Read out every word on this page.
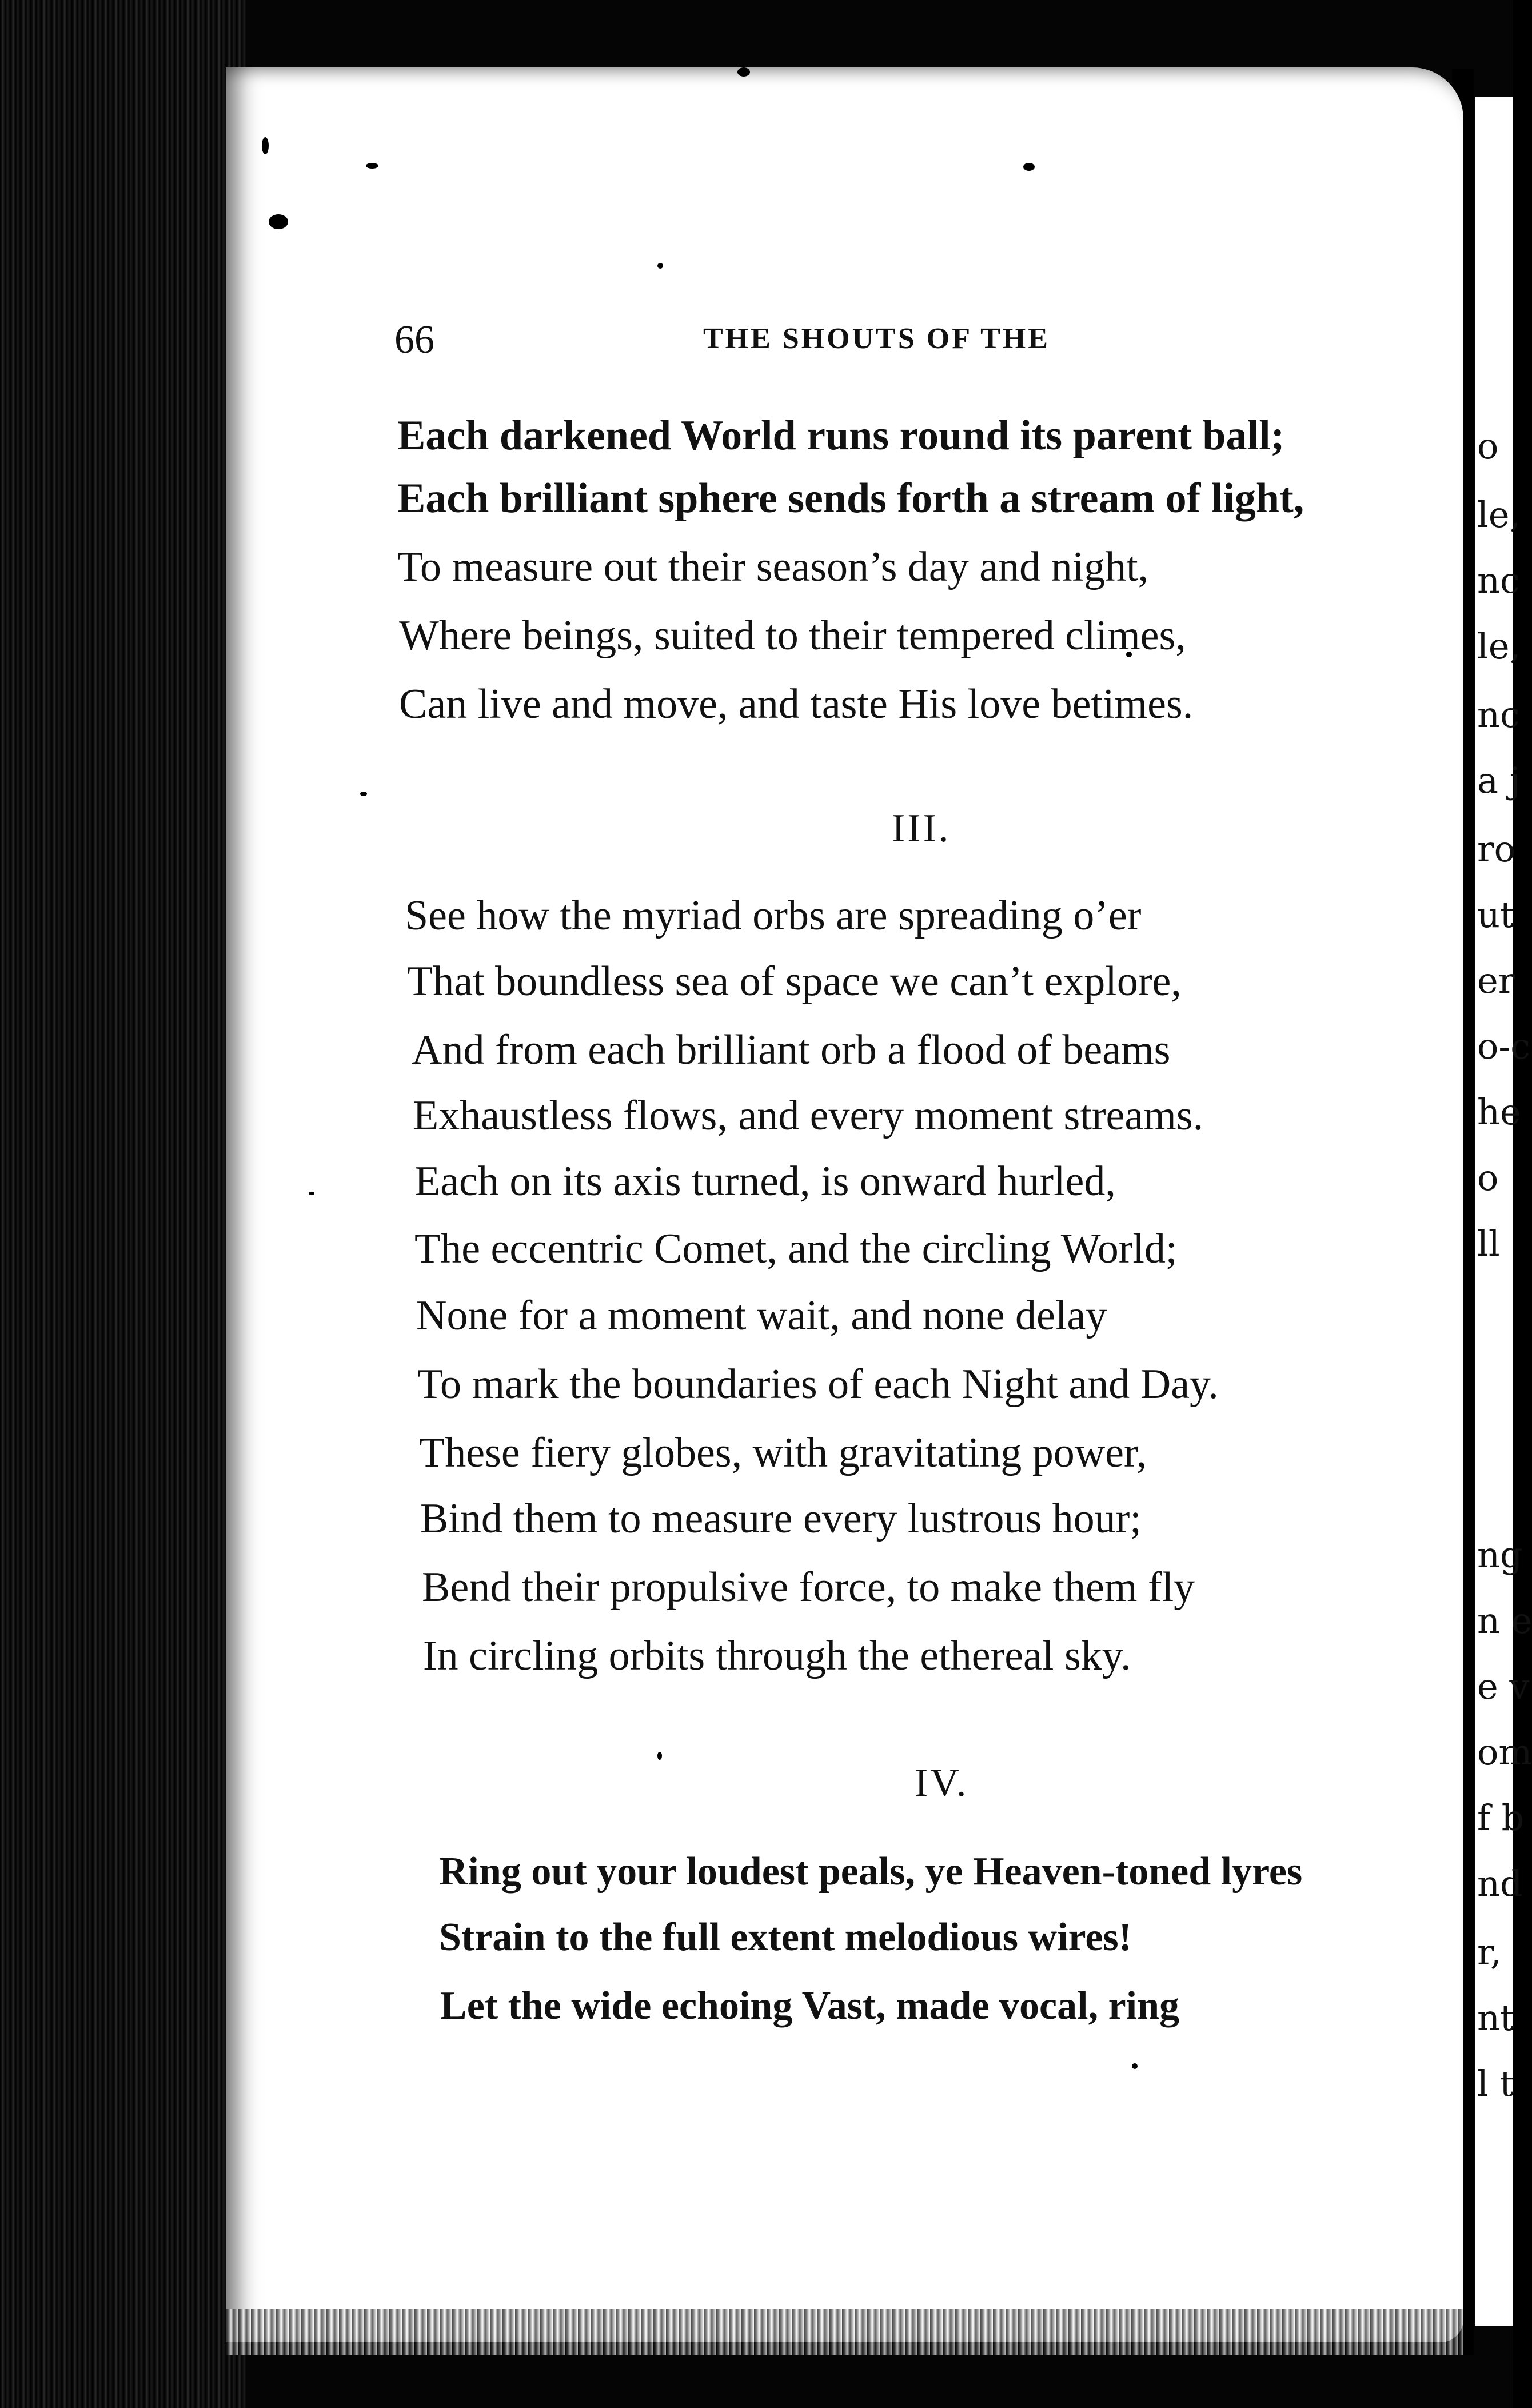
o
le,
nc
le,
nc
a j
ro
ut
er
o-c
he
o
ll
ng
n e
e v
om
f b
nd
r,
nt
l t
66	THE SHOUTS OF THE
Each darkened World runs round its parent ball;
Each brilliant sphere sends forth a stream of light,
To measure out their season’s day and night,
Where beings, suited to their tempered climes,
Can live and move, and taste His love betimes.
III.
See how the myriad orbs are spreading o’er
That boundless sea of space we can’t explore,
And from each brilliant orb a flood of beams
Exhaustless flows, and every moment streams.
Each on its axis turned, is onward hurled,
The eccentric Comet, and the circling World;
None for a moment wait, and none delay
To mark the boundaries of each Night and Day.
These fiery globes, with gravitating power,
Bind them to measure every lustrous hour;
Bend their propulsive force, to make them fly
In circling orbits through the ethereal sky.
IV.
Ring out your loudest peals, ye Heaven-toned lyres
Strain to the full extent melodious wires!
Let the wide echoing Vast, made vocal, ring
